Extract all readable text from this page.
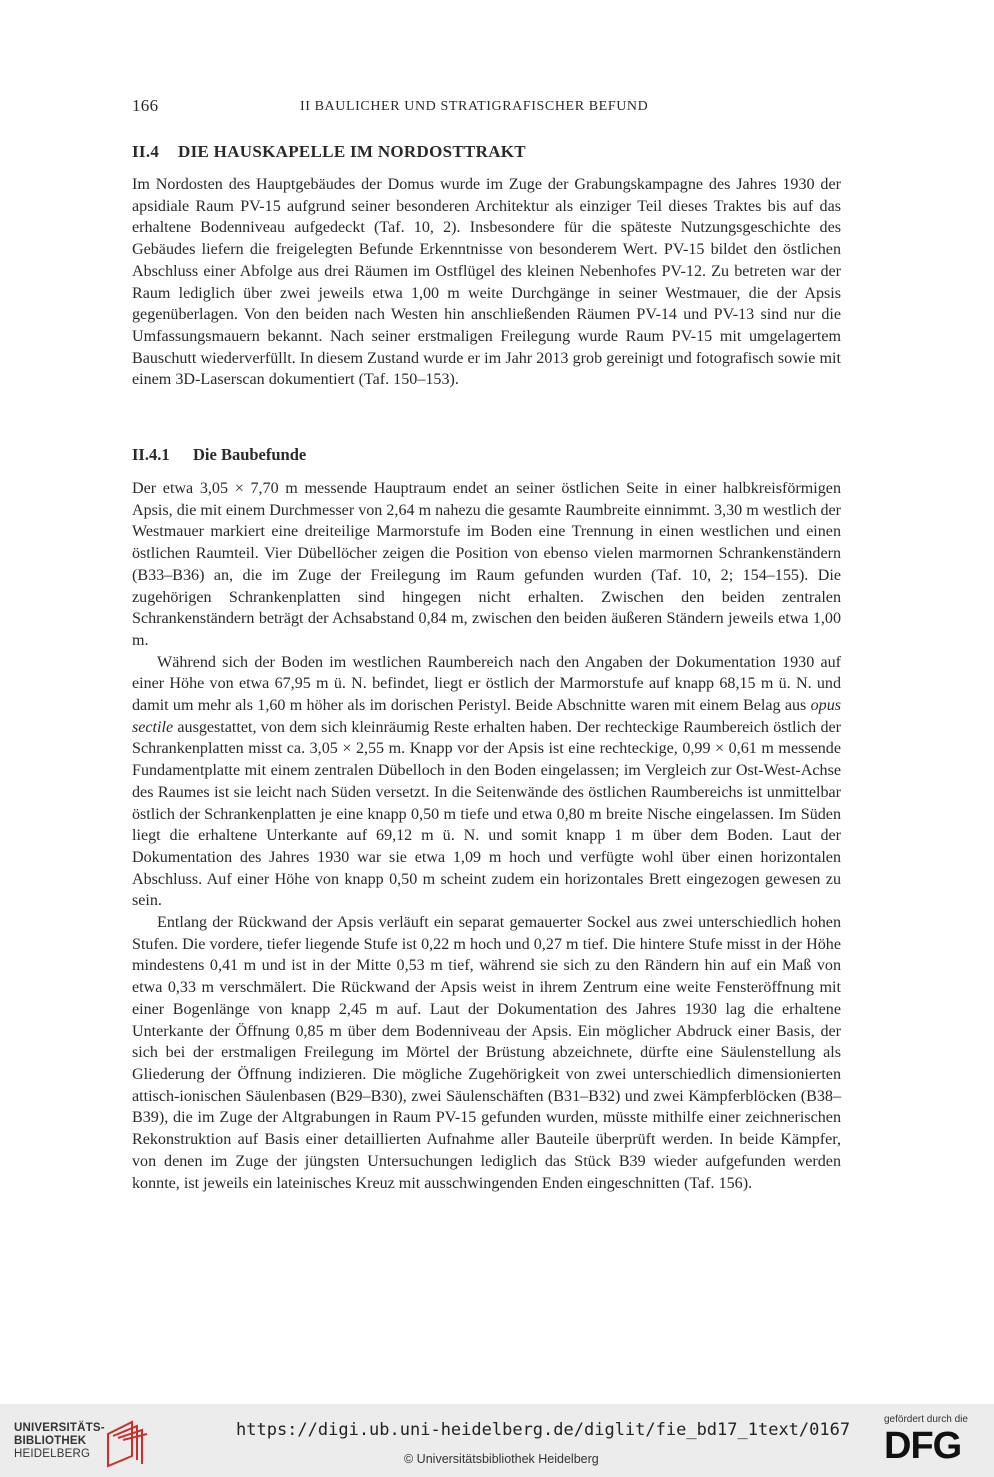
166	II BAULICHER UND STRATIGRAFISCHER BEFUND
II.4 DIE HAUSKAPELLE IM NORDOSTTRAKT

Im Nordosten des Hauptgebäudes der Domus wurde im Zuge der Grabungskampagne des Jahres 1930 der apsidiale Raum PV-15 aufgrund seiner besonderen Architektur als einziger Teil dieses Traktes bis auf das erhaltene Bodenniveau aufgedeckt (Taf. 10, 2). Insbesondere für die späteste Nutzungsgeschichte des Gebäudes liefern die freigelegten Befunde Erkenntnisse von besonderem Wert. PV-15 bildet den östlichen Abschluss einer Abfolge aus drei Räumen im Ostflügel des kleinen Nebenhofes PV-12. Zu betreten war der Raum lediglich über zwei jeweils etwa 1,00 m weite Durchgänge in seiner Westmauer, die der Apsis gegenüberlagen. Von den beiden nach Westen hin anschließenden Räumen PV-14 und PV-13 sind nur die Umfassungsmauern bekannt. Nach seiner erstmaligen Freilegung wurde Raum PV-15 mit umgelagertem Bauschutt wiederverfüllt. In diesem Zustand wurde er im Jahr 2013 grob gereinigt und fotografisch sowie mit einem 3D-Laserscan dokumentiert (Taf. 150–153).

II.4.1 Die Baubefunde

Der etwa 3,05 × 7,70 m messende Hauptraum endet an seiner östlichen Seite in einer halbkreisförmigen Apsis, die mit einem Durchmesser von 2,64 m nahezu die gesamte Raumbreite einnimmt. 3,30 m westlich der Westmauer markiert eine dreiteilige Marmorstufe im Boden eine Trennung in einen westlichen und einen östlichen Raumteil. Vier Dübellöcher zeigen die Position von ebenso vielen marmornen Schrankenständern (B33–B36) an, die im Zuge der Freilegung im Raum gefunden wurden (Taf. 10, 2; 154–155). Die zugehörigen Schrankenplatten sind hingegen nicht erhalten. Zwischen den beiden zentralen Schrankenständern beträgt der Achsabstand 0,84 m, zwischen den beiden äußeren Ständern jeweils etwa 1,00 m.

Während sich der Boden im westlichen Raumbereich nach den Angaben der Dokumentation 1930 auf einer Höhe von etwa 67,95 m ü. N. befindet, liegt er östlich der Marmorstufe auf knapp 68,15 m ü. N. und damit um mehr als 1,60 m höher als im dorischen Peristyl. Beide Abschnitte waren mit einem Belag aus opus sectile ausgestattet, von dem sich kleinräumig Reste erhalten haben. Der rechteckige Raumbereich östlich der Schrankenplatten misst ca. 3,05 × 2,55 m. Knapp vor der Apsis ist eine rechteckige, 0,99 × 0,61 m messende Fundamentplatte mit einem zentralen Dübelloch in den Boden eingelassen; im Vergleich zur Ost-West-Achse des Raumes ist sie leicht nach Süden versetzt. In die Seitenwände des östlichen Raumbereichs ist unmittelbar östlich der Schrankenplatten je eine knapp 0,50 m tiefe und etwa 0,80 m breite Nische eingelassen. Im Süden liegt die erhaltene Unterkante auf 69,12 m ü. N. und somit knapp 1 m über dem Boden. Laut der Dokumentation des Jahres 1930 war sie etwa 1,09 m hoch und verfügte wohl über einen horizontalen Abschluss. Auf einer Höhe von knapp 0,50 m scheint zudem ein horizontales Brett eingezogen gewesen zu sein.

Entlang der Rückwand der Apsis verläuft ein separat gemauerter Sockel aus zwei unterschiedlich hohen Stufen. Die vordere, tiefer liegende Stufe ist 0,22 m hoch und 0,27 m tief. Die hintere Stufe misst in der Höhe mindestens 0,41 m und ist in der Mitte 0,53 m tief, während sie sich zu den Rändern hin auf ein Maß von etwa 0,33 m verschmälert. Die Rückwand der Apsis weist in ihrem Zentrum eine weite Fensteröffnung mit einer Bogenlänge von knapp 2,45 m auf. Laut der Dokumentation des Jahres 1930 lag die erhaltene Unterkante der Öffnung 0,85 m über dem Bodenniveau der Apsis. Ein möglicher Abdruck einer Basis, der sich bei der erstmaligen Freilegung im Mörtel der Brüstung abzeichnete, dürfte eine Säulenstellung als Gliederung der Öffnung indizieren. Die mögliche Zugehörigkeit von zwei unterschiedlich dimensionierten attisch-ionischen Säulenbasen (B29–B30), zwei Säulenschäften (B31–B32) und zwei Kämpferblöcken (B38–B39), die im Zuge der Altgrabungen in Raum PV-15 gefunden wurden, müsste mithilfe einer zeichnerischen Rekonstruktion auf Basis einer detaillierten Aufnahme aller Bauteile überprüft werden. In beide Kämpfer, von denen im Zuge der jüngsten Untersuchungen lediglich das Stück B39 wieder aufgefunden werden konnte, ist jeweils ein lateinisches Kreuz mit ausschwingenden Enden eingeschnitten (Taf. 156).

UNIVERSITÄTS-
BIBLIOTHEK
HEIDELBERG
https://digi.ub.uni-heidelberg.de/diglit/fie_bd17_1text/0167
© Universitätsbibliothek Heidelberg
gefördert durch die
DFG
